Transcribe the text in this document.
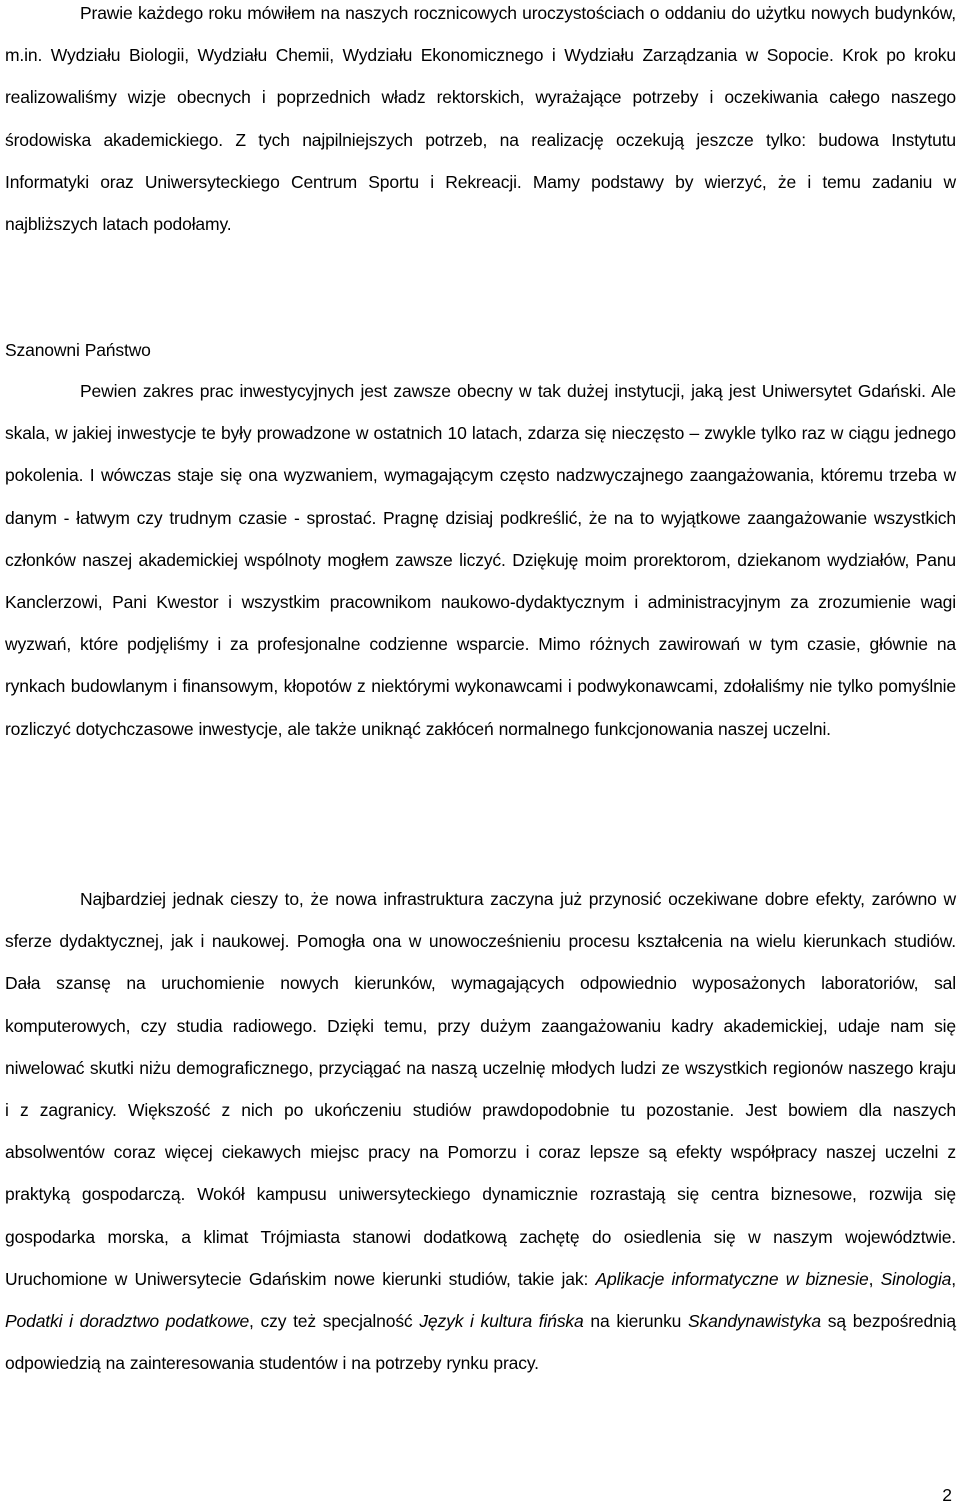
Prawie każdego roku mówiłem na naszych rocznicowych uroczystościach o oddaniu do użytku nowych budynków, m.in. Wydziału Biologii, Wydziału Chemii, Wydziału Ekonomicznego i Wydziału Zarządzania w Sopocie. Krok po kroku realizowaliśmy wizje obecnych i poprzednich władz rektorskich, wyrażające potrzeby i oczekiwania całego naszego środowiska akademickiego. Z tych najpilniejszych potrzeb, na realizację oczekują jeszcze tylko: budowa Instytutu Informatyki oraz Uniwersyteckiego Centrum Sportu i Rekreacji. Mamy podstawy by wierzyć, że i temu zadaniu w najbliższych latach podołamy.

Szanowni Państwo

Pewien zakres prac inwestycyjnych jest zawsze obecny w tak dużej instytucji, jaką jest Uniwersytet Gdański. Ale skala, w jakiej inwestycje te były prowadzone w ostatnich 10 latach, zdarza się nieczęsto – zwykle tylko raz w ciągu jednego pokolenia. I wówczas staje się ona wyzwaniem, wymagającym często nadzwyczajnego zaangażowania, któremu trzeba w danym - łatwym czy trudnym czasie - sprostać. Pragnę dzisiaj podkreślić, że na to wyjątkowe zaangażowanie wszystkich członków naszej akademickiej wspólnoty mogłem zawsze liczyć. Dziękuję moim prorektorom, dziekanom wydziałów, Panu Kanclerzowi, Pani Kwestor i wszystkim pracownikom naukowo-dydaktycznym i administracyjnym za zrozumienie wagi wyzwań, które podjęliśmy i za profesjonalne codzienne wsparcie. Mimo różnych zawirowań w tym czasie, głównie na rynkach budowlanym i finansowym, kłopotów z niektórymi wykonawcami i podwykonawcami, zdołaliśmy nie tylko pomyślnie rozliczyć dotychczasowe inwestycje, ale także uniknąć zakłóceń normalnego funkcjonowania naszej uczelni.

Najbardziej jednak cieszy to, że nowa infrastruktura zaczyna już przynosić oczekiwane dobre efekty, zarówno w sferze dydaktycznej, jak i naukowej. Pomogła ona w unowocześnieniu procesu kształcenia na wielu kierunkach studiów. Dała szansę na uruchomienie nowych kierunków, wymagających odpowiednio wyposażonych laboratoriów, sal komputerowych, czy studia radiowego. Dzięki temu, przy dużym zaangażowaniu kadry akademickiej, udaje nam się niwelować skutki niżu demograficznego, przyciągać na naszą uczelnię młodych ludzi ze wszystkich regionów naszego kraju i z zagranicy. Większość z nich po ukończeniu studiów prawdopodobnie tu pozostanie. Jest bowiem dla naszych absolwentów coraz więcej ciekawych miejsc pracy na Pomorzu i coraz lepsze są efekty współpracy naszej uczelni z praktyką gospodarczą. Wokół kampusu uniwersyteckiego dynamicznie rozrastają się centra biznesowe, rozwija się gospodarka morska, a klimat Trójmiasta stanowi dodatkową zachętę do osiedlenia się w naszym województwie. Uruchomione w Uniwersytecie Gdańskim nowe kierunki studiów, takie jak: Aplikacje informatyczne w biznesie, Sinologia, Podatki i doradztwo podatkowe, czy też specjalność Język i kultura fińska na kierunku Skandynawistyka są bezpośrednią odpowiedzią na zainteresowania studentów i na potrzeby rynku pracy.

2
